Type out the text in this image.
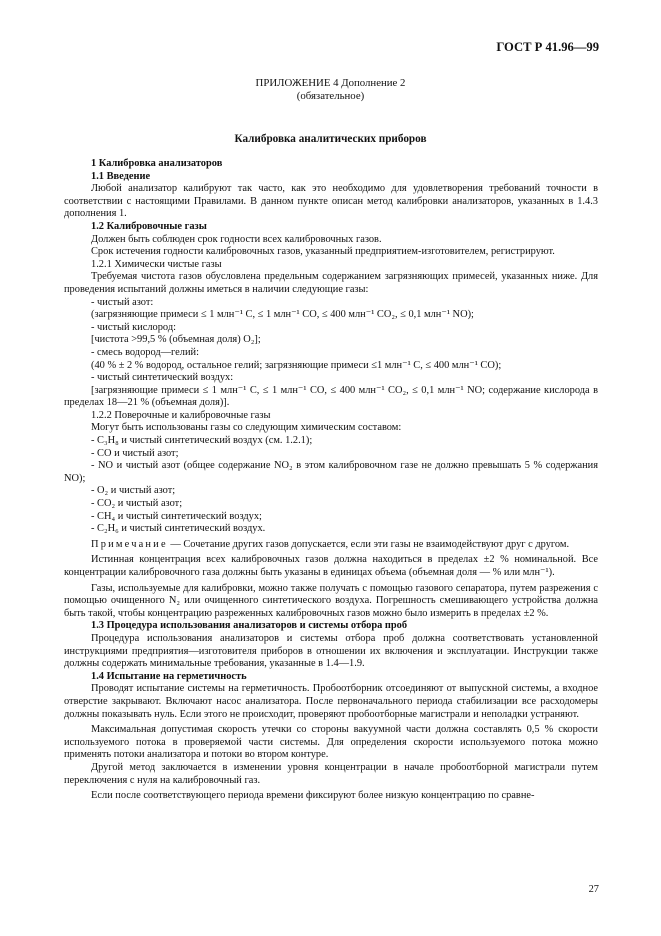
ГОСТ Р 41.96—99
ПРИЛОЖЕНИЕ 4 Дополнение 2
(обязательное)
Калибровка аналитических приборов

1 Калибровка анализаторов

1.1 Введение

Любой анализатор калибруют так часто, как это необходимо для удовлетворения требований точности в соответствии с настоящими Правилами. В данном пункте описан метод калибровки анализаторов, указанных в 1.4.3 дополнения 1.

1.2 Калибровочные газы

Должен быть соблюден срок годности всех калибровочных газов.

Срок истечения годности калибровочных газов, указанный предприятием-изготовителем, регистрируют.

1.2.1 Химически чистые газы

Требуемая чистота газов обусловлена предельным содержанием загрязняющих примесей, указанных ниже. Для проведения испытаний должны иметься в наличии следующие газы:

- чистый азот:

(загрязняющие примеси ≤ 1 млн⁻¹ С, ≤ 1 млн⁻¹ СО, ≤ 400 млн⁻¹ СО₂, ≤ 0,1 млн⁻¹ NO);

- чистый кислород:

[чистота >99,5 % (объемная доля) О₂];

- смесь водород—гелий:

(40 % ± 2 % водород, остальное гелий; загрязняющие примеси ≤1 млн⁻¹ С, ≤ 400 млн⁻¹ СО);

- чистый синтетический воздух:

[загрязняющие примеси ≤ 1 млн⁻¹ С, ≤ 1 млн⁻¹ СО, ≤ 400 млн⁻¹ СО₂, ≤ 0,1 млн⁻¹ NO; содержание кислорода в пределах 18—21 % (объемная доля)].

1.2.2 Поверочные и калибровочные газы

Могут быть использованы газы со следующим химическим составом:

- С₃Н₈ и чистый синтетический воздух (см. 1.2.1);

- СО и чистый азот;

- NO и чистый азот (общее содержание NO₂ в этом калибровочном газе не должно превышать 5 % содержания NO);

- О₂ и чистый азот;

- СО₂ и чистый азот;

- СН₄ и чистый синтетический воздух;

- С₂Н₆ и чистый синтетический воздух.

Примечание — Сочетание других газов допускается, если эти газы не взаимодействуют друг с другом.

Истинная концентрация всех калибровочных газов должна находиться в пределах ±2 % номинальной. Все концентрации калибровочного газа должны быть указаны в единицах объема (объемная доля — % или млн⁻¹).

Газы, используемые для калибровки, можно также получать с помощью газового сепаратора, путем разрежения с помощью очищенного N₂ или очищенного синтетического воздуха. Погрешность смешивающего устройства должна быть такой, чтобы концентрацию разреженных калибровочных газов можно было измерить в пределах ±2 %.

1.3 Процедура использования анализаторов и системы отбора проб

Процедура использования анализаторов и системы отбора проб должна соответствовать установленной инструкциями предприятия—изготовителя приборов в отношении их включения и эксплуатации. Инструкции также должны содержать минимальные требования, указанные в 1.4—1.9.

1.4 Испытание на герметичность

Проводят испытание системы на герметичность. Пробоотборник отсоединяют от выпускной системы, а входное отверстие закрывают. Включают насос анализатора. После первоначального периода стабилизации все расходомеры должны показывать нуль. Если этого не происходит, проверяют пробоотборные магистрали и неполадки устраняют.

Максимальная допустимая скорость утечки со стороны вакуумной части должна составлять 0,5 % скорости используемого потока в проверяемой части системы. Для определения скорости используемого потока можно применять потоки анализатора и потоки во втором контуре.

Другой метод заключается в изменении уровня концентрации в начале пробоотборной магистрали путем переключения с нуля на калибровочный газ.

Если после соответствующего периода времени фиксируют более низкую концентрацию по сравне-

27
